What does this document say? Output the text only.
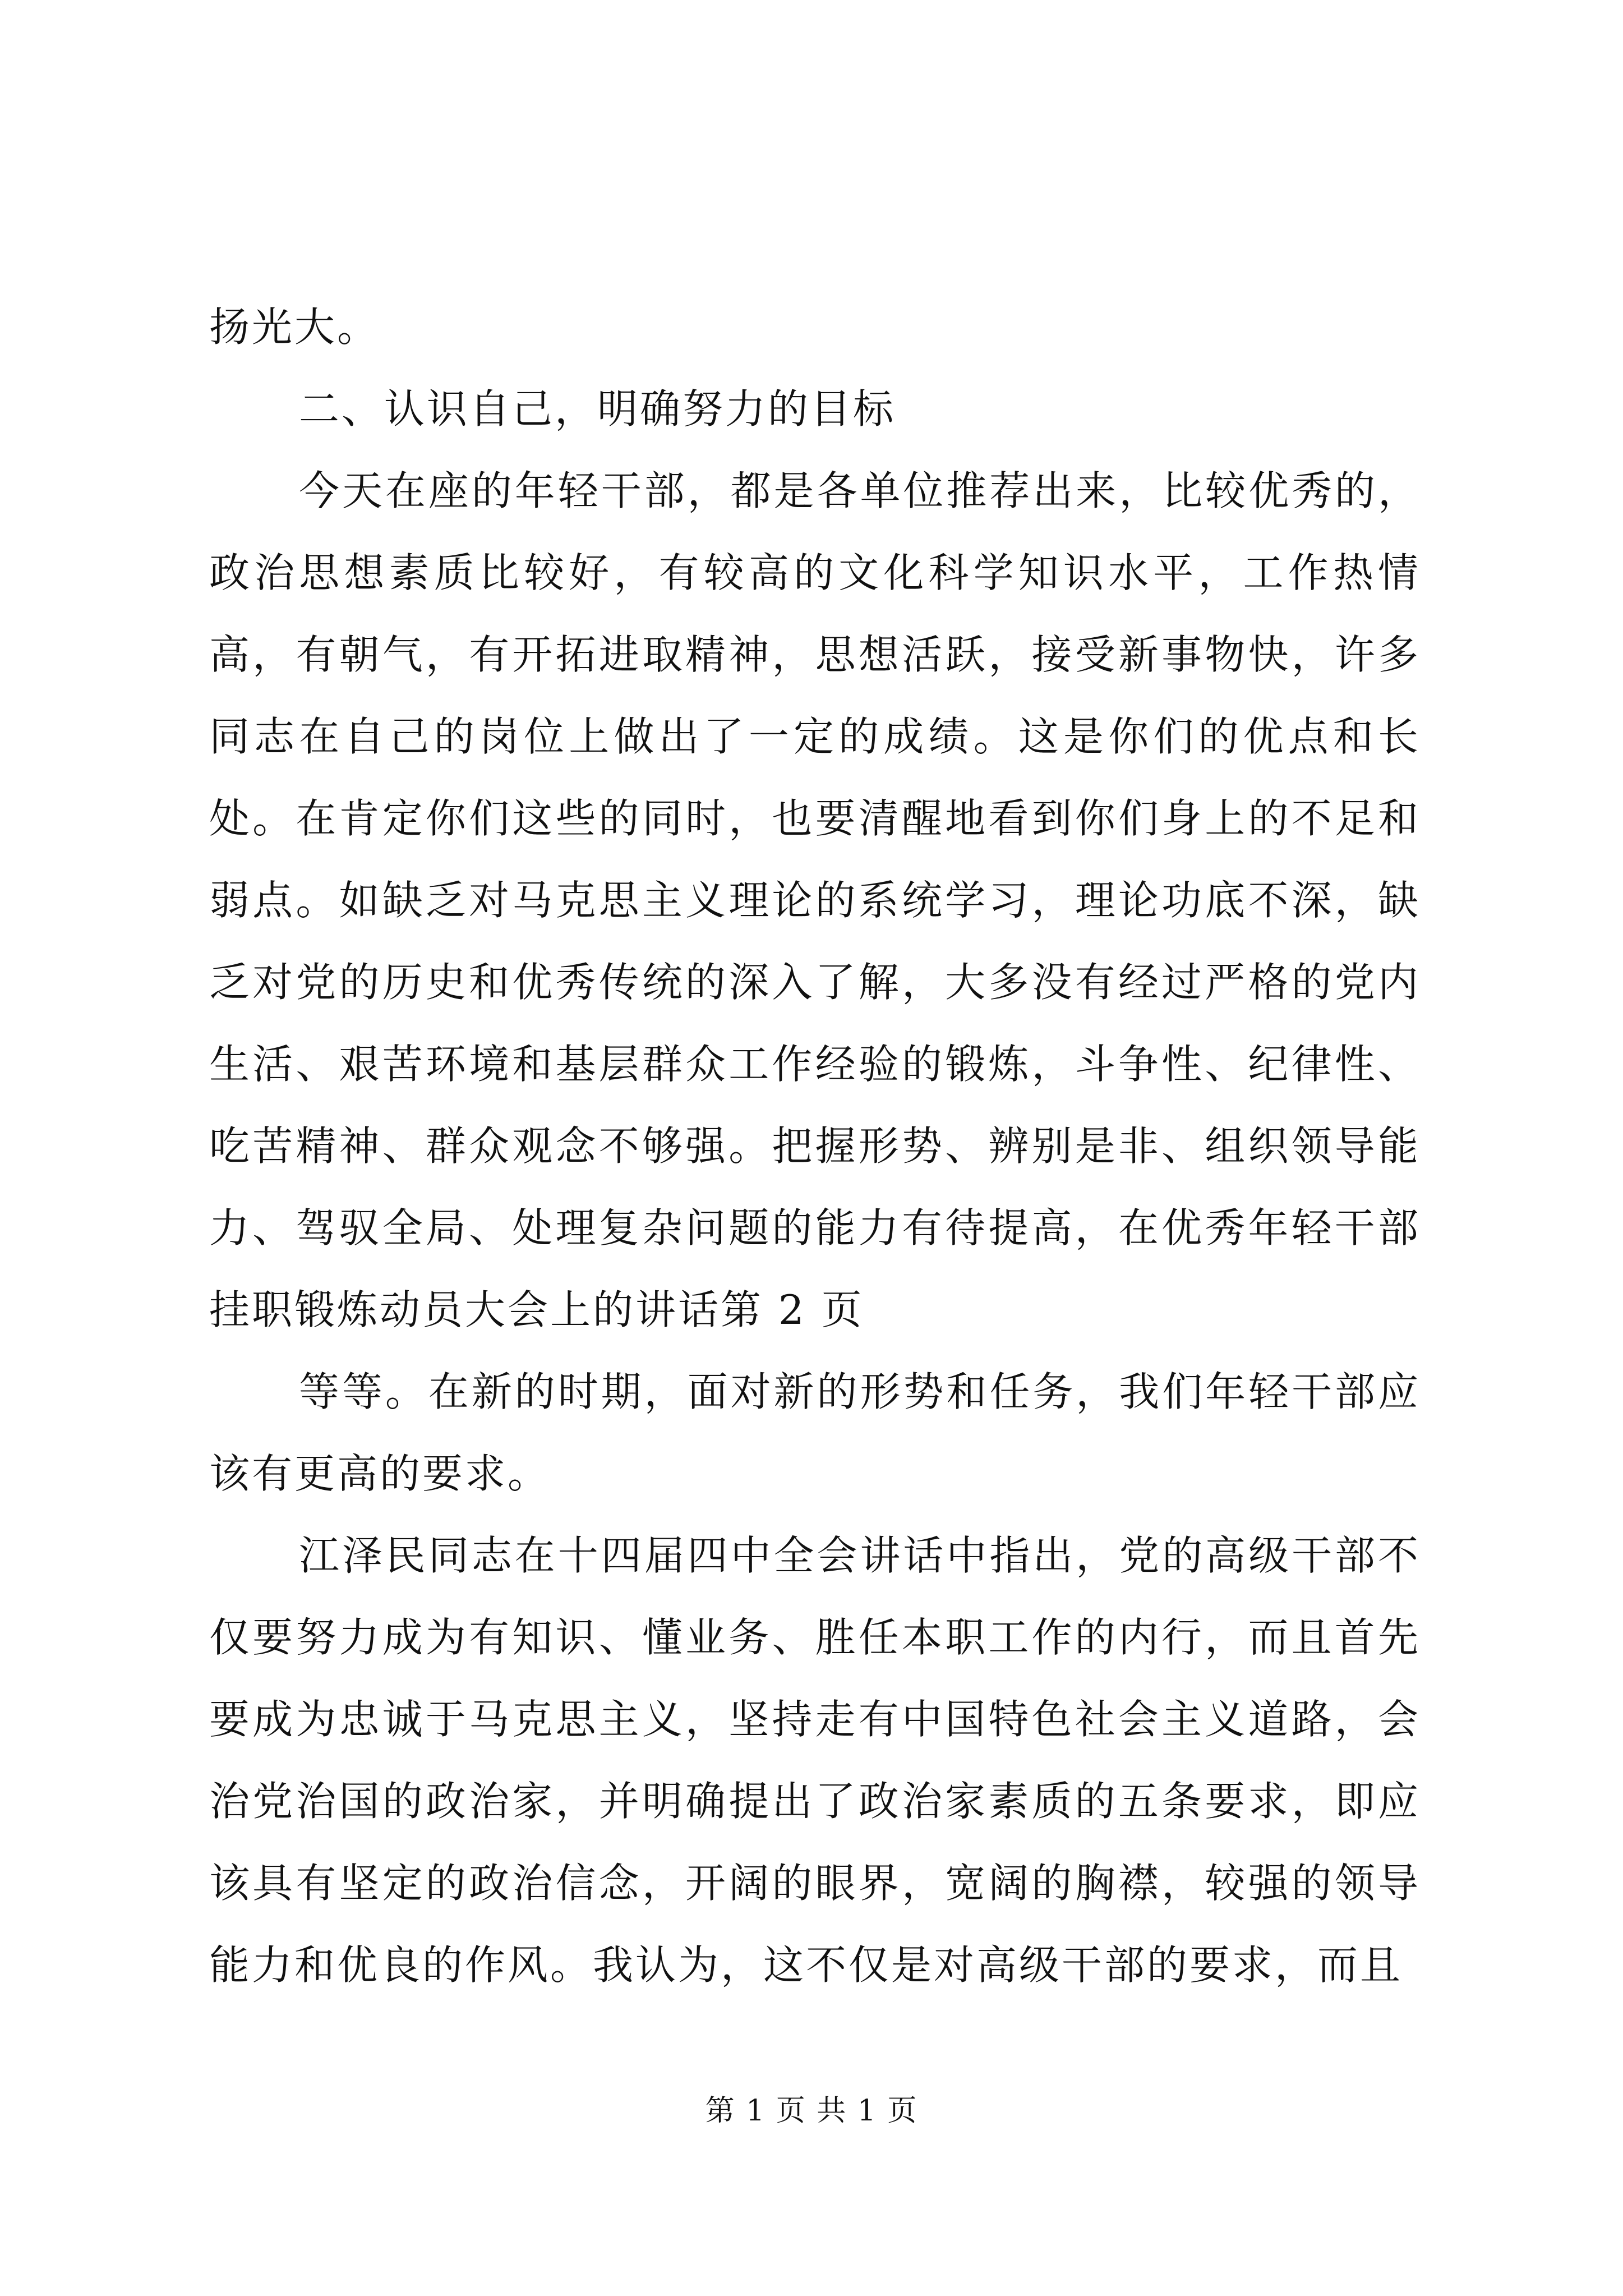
扬光大。

二、认识自己，明确努力的目标

今天在座的年轻干部，都是各单位推荐出来，比较优秀的，政治思想素质比较好，有较高的文化科学知识水平，工作热情高，有朝气，有开拓进取精神，思想活跃，接受新事物快，许多同志在自己的岗位上做出了一定的成绩。这是你们的优点和长处。在肯定你们这些的同时，也要清醒地看到你们身上的不足和弱点。如缺乏对马克思主义理论的系统学习，理论功底不深，缺乏对党的历史和优秀传统的深入了解，大多没有经过严格的党内生活、艰苦环境和基层群众工作经验的锻炼，斗争性、纪律性、吃苦精神、群众观念不够强。把握形势、辨别是非、组织领导能力、驾驭全局、处理复杂问题的能力有待提高，在优秀年轻干部挂职锻炼动员大会上的讲话第 2 页

等等。在新的时期，面对新的形势和任务，我们年轻干部应该有更高的要求。

江泽民同志在十四届四中全会讲话中指出，党的高级干部不仅要努力成为有知识、懂业务、胜任本职工作的内行，而且首先要成为忠诚于马克思主义，坚持走有中国特色社会主义道路，会治党治国的政治家，并明确提出了政治家素质的五条要求，即应该具有坚定的政治信念，开阔的眼界，宽阔的胸襟，较强的领导能力和优良的作风。我认为，这不仅是对高级干部的要求，而且

第 1 页 共 1 页
